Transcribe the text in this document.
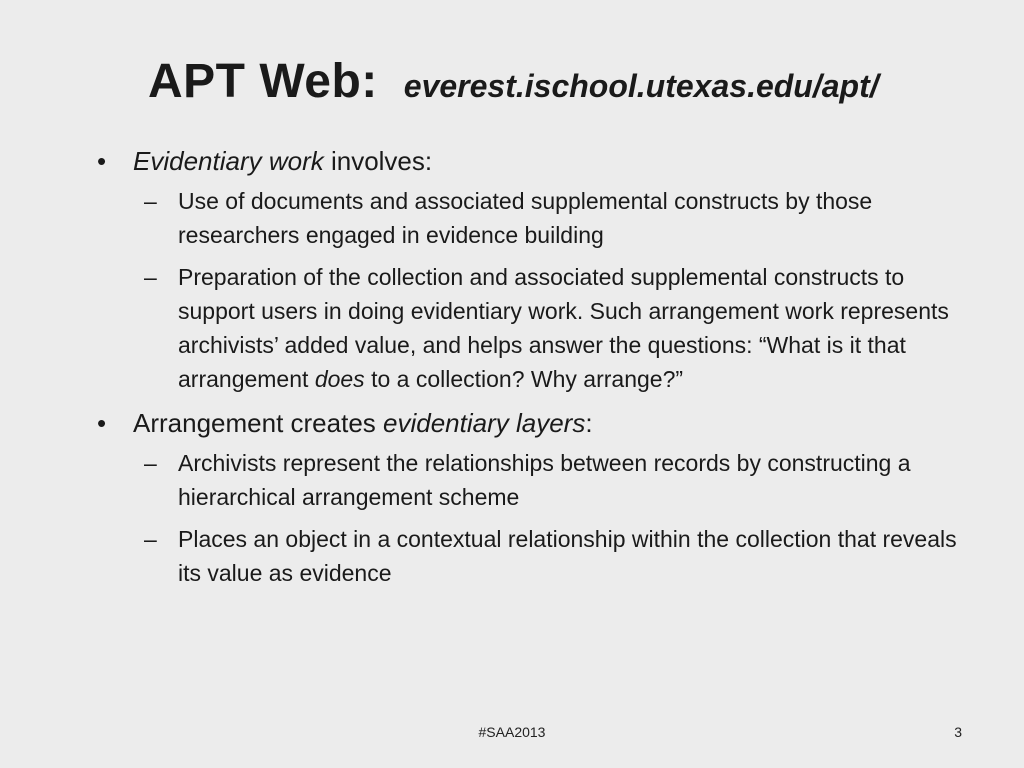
APT Web: everest.ischool.utexas.edu/apt/
• Evidentiary work involves:
– Use of documents and associated supplemental constructs by those researchers engaged in evidence building
– Preparation of the collection and associated supplemental constructs to support users in doing evidentiary work. Such arrangement work represents archivists’ added value, and helps answer the questions: “What is it that arrangement does to a collection? Why arrange?”
• Arrangement creates evidentiary layers:
– Archivists represent the relationships between records by constructing a hierarchical arrangement scheme
– Places an object in a contextual relationship within the collection that reveals its value as evidence
#SAA2013	3
